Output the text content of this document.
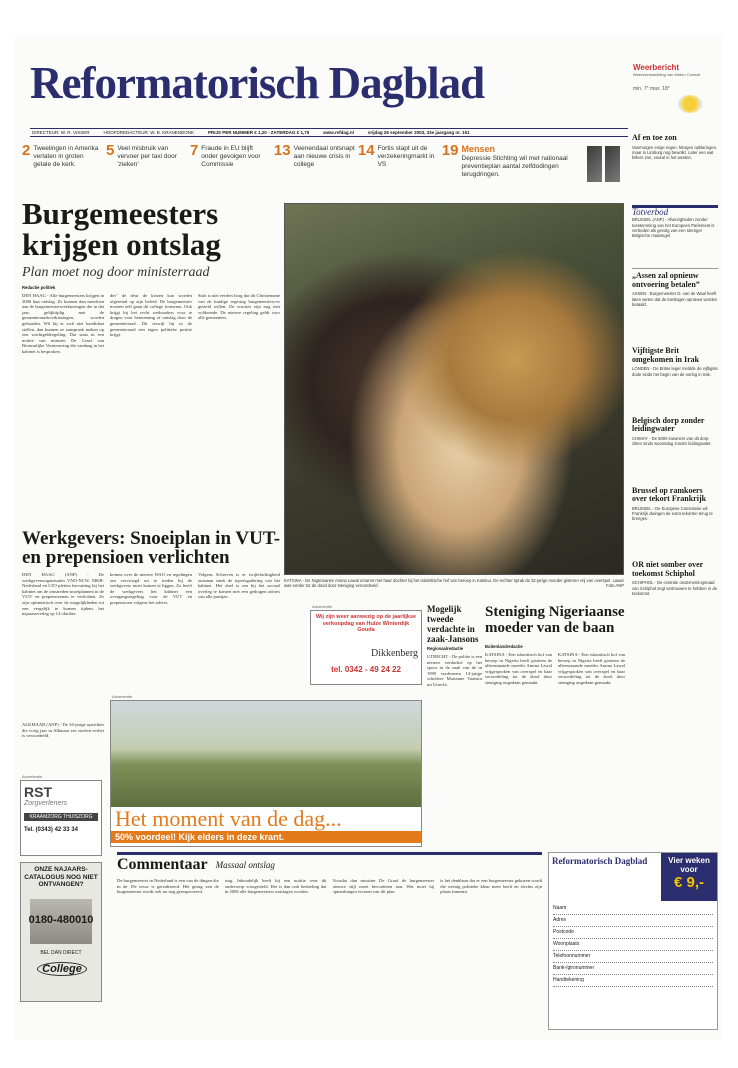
Reformatorisch Dagblad	Weerbericht

Weersverwachting van Meteo Consult

min. 7° max. 18°

DIRECTEUR: W. R. VISSER	HOOFDREDACTEUR: W. B. KRANENDONK	PRIJS PER NUMMER € 1,20 - ZATERDAG € 1,75	www.refdag.nl	vrijdag 26 september 2003, 33e jaargang nr. 151
2 Tweelingen in Amerika verlaten in groten getale de kerk.
5 Veel misbruik van vervoer per taxi door 'zieken'
7 Fraude in EU blijft onder gevolgen voor Commissie
13 Veenendaal ontsnapt aan nieuwe crisis in college
14 Fortis stapt uit de verzekeringmarkt in VS
19 Mensen
Depressie Stichting wil met nationaal preventieplan aantal zelfdodingen terugdringen.
Af en toe zon

Vanmorgen enige regen. Morgen opklaringen, maar in Limburg nog bewolkt. Later een wat fellere zon, vooral in het westen.

Totverbod

BRUSSEL (ANP) - Afwezigheden zonder toestemming van het Europees Parlement is verboden als gevolg van een strenger Belgische maatregel.

„Assen zal opnieuw ontvoering betalen”

ASSEN - Burgemeester D. van de Waal heeft laten weten dat de toeslagen opnieuw worden betaald.

Vijftigste Brit omgekomen in Irak

LONDEN - De Britse leger meldde de vijftigste dode sinds het begin van de oorlog in Irak.

Belgisch dorp zonder leidingwater

CHIMAY - De 5000 inwoners van dit dorp zitten sinds woensdag zonder leidingwater.

Brussel op ramkoers over tekort Frankrijk

BRUSSEL - De Europese Commissie wil Frankrijk dwingen de extra tekorten terug te brengen.

OR niet somber over toekomst Schiphol

SCHIPHOL - De centrale ondernemingsraad van Schiphol zegt vertrouwen te hebben in de toekomst.

Burgemeesters krijgen ontslag
Plan moet nog door ministerraad
Redactie politiek
DEN HAAG - Alle burgemeesters krijgen in 2006 hun ontslag. Ze kunnen dan meedoen aan de burgemeestersverkiezingen die in dat jaar, gelijktijdig met de gemeenteraadsverkiezingen, worden gehouden. Wil hij er zich niet kandidaat stellen, dan kunnen ze aanspraak maken op een wachtgeldregeling. Dat staat in een notitie van minister De Graaf van Bestuurlijke Vernieuwing die vandaag in het kabinet is besproken.
der" de deur de kiezen kan worden afgeremd op zijn beleid. De burgemeester moeten zelf gaan dit college formeren. Ook krijgt hij het recht wethouders voor te dragen voor benoeming of ontslag door de gemeenteraad. Dit terwijl hij in de gemeenteraad een eigen politieke positie krijgt.
Stob is niet eerders borg dat dit Christenunie van de huidige regering burgemeesters-er gesteld willen. De reacties zijn nog niet voldoende. De nieuwe regeling geldt voor alle gemeenten.
KATSINA - De Nigeriaanse Amina Lawal omarmt met haar dochter bij het islamitische hof van beroep in Katsina. De rechter sprak de 32-jarige moeder gisteren vrij van overspel. Lawal was eerder tot de dood door steniging veroordeeld.	Foto ANP
Werkgevers: Snoeiplan in VUT- en prepensioen verlichten
DEN HAAG (ANP) - De werkgeversorganisaties VNO-NCW, MKB-Nederland en LTO pleiten hervatting bij het kabinet om de omstreden snoeiplannen in de VUT- en prepensioenen te verlichten. Ze zijn optimistisch over de mogelijkheden tot een vergelijk te komen tijdens het najaarsoverleg op 14 oktober.
komen over de nieuwe WAO en regelingen om vervroegd uit te treden bij de werkgevers moet komen te liggen. Zo heeft de werkgevers het kabinet een overgangsregeling voor de VUT en prepensioen volgens het advies.
Volgens Schreven is er twijfelachtigheid ontstaan sinds de topvergadering van het kabinet. Het doel is om bij het sociaal overleg te komen met een gedragen advies van alle partijen.
ALKMAAR (ANP) - De 34-jarige opzichter die vorig jaar in Alkmaar zes stoelen verliet is veroordeeld.
Advertentie
RST
Zorgverleners
KRAAMZORG THUISZORG
Tel. (0343) 42 33 34
ONZE NAJAARS-CATALOGUS NOG NIET ONTVANGEN?
0180-480010
BEL DAN DIRECT
College
Advertentie
Wij zijn weer aanwezig op de jaarlijkse verkoopdag van Huize Winterdijk Gouda
Dikkenberg
tel. 0342 - 49 24 22
Advertentie
Het moment van de dag...
50% voordeel! Kijk elders in deze krant.
Mogelijk tweede verdachte in zaak-Jansons
Regionaalredactie
UTRECHT - De politie is een nieuwe verdachte op het spoor in de zaak van de in 1999 verdwenen 14-jarige scholiere Marianne Vaatstra uit Utrecht.
Steniging Nigeriaanse moeder van de baan
Buitenlandredactie
KATSINA - Een islamitisch hof van beroep in Nigeria heeft gisteren de alleenstaande moeder Amina Lawal vrijgesproken van overspel en haar veroordeling tot de dood door steniging ongedaan gemaakt.
KATSINA - Een islamitisch hof van beroep in Nigeria heeft gisteren de alleenstaande moeder Amina Lawal vrijgesproken van overspel en haar veroordeling tot de dood door steniging ongedaan gemaakt.
Commentaar Massaal ontslag
De burgemeester in Nederland is een van de dingen die in de 19e eeuw is gerealiseerd. Het gezag van de burgemeester wordt ook nu nog gerespecteerd.
ring. Inhoudelijk heeft hij een notitie over dit onderwerp voorgesteld. Het is dan ook bedoeling dat in 2006 alle burgemeesters ontslagen worden.
Voordat dan minister De Graaf de burgemeester nieuwe stijl moet bevorderen aan. Wat moet hij opmerkingen ervaren van dit plan.
is het denkbaar dat er een burgemeester gekozen wordt die weinig politieke kleur meer heeft en slechts zijn plaats inneemt.
Reformatorisch Dagblad	Vier weken voor
€ 9,-
Naam
Adres
Postcode
Woonplaats
Telefoonnummer
Bank-/gironummer
Handtekening
